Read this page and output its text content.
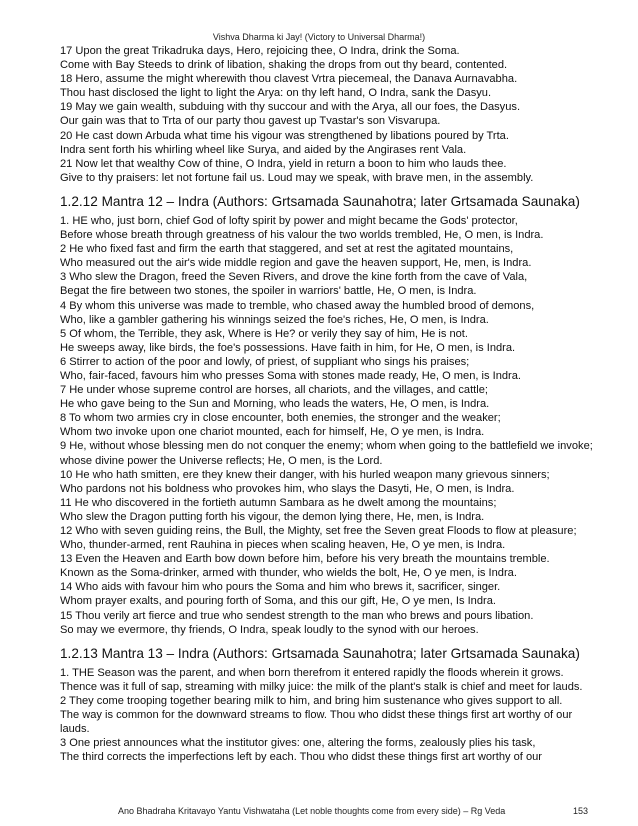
Vishva Dharma ki Jay! (Victory to Universal Dharma!)
17 Upon the great Trikadruka days, Hero, rejoicing thee, O Indra, drink the Soma.
Come with Bay Steeds to drink of libation, shaking the drops from out thy beard, contented.
18 Hero, assume the might wherewith thou clavest Vrtra piecemeal, the Danava Aurnavabha.
Thou hast disclosed the light to light the Arya: on thy left hand, O Indra, sank the Dasyu.
19 May we gain wealth, subduing with thy succour and with the Arya, all our foes, the Dasyus.
Our gain was that to Trta of our party thou gavest up Tvastar's son Visvarupa.
20 He cast down Arbuda what time his vigour was strengthened by libations poured by Trta.
Indra sent forth his whirling wheel like Surya, and aided by the Angirases rent Vala.
21 Now let that wealthy Cow of thine, O Indra, yield in return a boon to him who lauds thee.
Give to thy praisers: let not fortune fail us. Loud may we speak, with brave men, in the assembly.
1.2.12 Mantra 12 – Indra (Authors: Grtsamada Saunahotra; later Grtsamada Saunaka)
1. HE who, just born, chief God of lofty spirit by power and might became the Gods' protector,
Before whose breath through greatness of his valour the two worlds trembled, He, O men, is Indra.
2 He who fixed fast and firm the earth that staggered, and set at rest the agitated mountains,
Who measured out the air's wide middle region and gave the heaven support, He, men, is Indra.
3 Who slew the Dragon, freed the Seven Rivers, and drove the kine forth from the cave of Vala,
Begat the fire between two stones, the spoiler in warriors' battle, He, O men, is Indra.
4 By whom this universe was made to tremble, who chased away the humbled brood of demons,
Who, like a gambler gathering his winnings seized the foe's riches, He, O men, is Indra.
5 Of whom, the Terrible, they ask, Where is He? or verily they say of him, He is not.
He sweeps away, like birds, the foe's possessions. Have faith in him, for He, O men, is Indra.
6 Stirrer to action of the poor and lowly, of priest, of suppliant who sings his praises;
Who, fair-faced, favours him who presses Soma with stones made ready, He, O men, is Indra.
7 He under whose supreme control are horses, all chariots, and the villages, and cattle;
He who gave being to the Sun and Morning, who leads the waters, He, O men, is Indra.
8 To whom two armies cry in close encounter, both enemies, the stronger and the weaker;
Whom two invoke upon one chariot mounted, each for himself, He, O ye men, is Indra.
9 He, without whose blessing men do not conquer the enemy; whom when going to the battlefield we invoke;
whose divine power the Universe reflects; He, O men, is the Lord.
10 He who hath smitten, ere they knew their danger, with his hurled weapon many grievous sinners;
Who pardons not his boldness who provokes him, who slays the Dasyti, He, O men, is Indra.
11 He who discovered in the fortieth autumn Sambara as he dwelt among the mountains;
Who slew the Dragon putting forth his vigour, the demon lying there, He, men, is Indra.
12 Who with seven guiding reins, the Bull, the Mighty, set free the Seven great Floods to flow at pleasure;
Who, thunder-armed, rent Rauhina in pieces when scaling heaven, He, O ye men, is Indra.
13 Even the Heaven and Earth bow down before him, before his very breath the mountains tremble.
Known as the Soma-drinker, armed with thunder, who wields the bolt, He, O ye men, is Indra.
14 Who aids with favour him who pours the Soma and him who brews it, sacrificer, singer.
Whom prayer exalts, and pouring forth of Soma, and this our gift, He, O ye men, Is Indra.
15 Thou verily art fierce and true who sendest strength to the man who brews and pours libation.
So may we evermore, thy friends, O Indra, speak loudly to the synod with our heroes.
1.2.13 Mantra 13 – Indra (Authors: Grtsamada Saunahotra; later Grtsamada Saunaka)
1. THE Season was the parent, and when born therefrom it entered rapidly the floods wherein it grows.
Thence was it full of sap, streaming with milky juice: the milk of the plant's stalk is chief and meet for lauds.
2 They come trooping together bearing milk to him, and bring him sustenance who gives support to all.
The way is common for the downward streams to flow. Thou who didst these things first art worthy of our lauds.
3 One priest announces what the institutor gives: one, altering the forms, zealously plies his task,
The third corrects the imperfections left by each. Thou who didst these things first art worthy of our
Ano Bhadraha Kritavayo Yantu Vishwataha (Let noble thoughts come from every side) – Rg Veda	153
